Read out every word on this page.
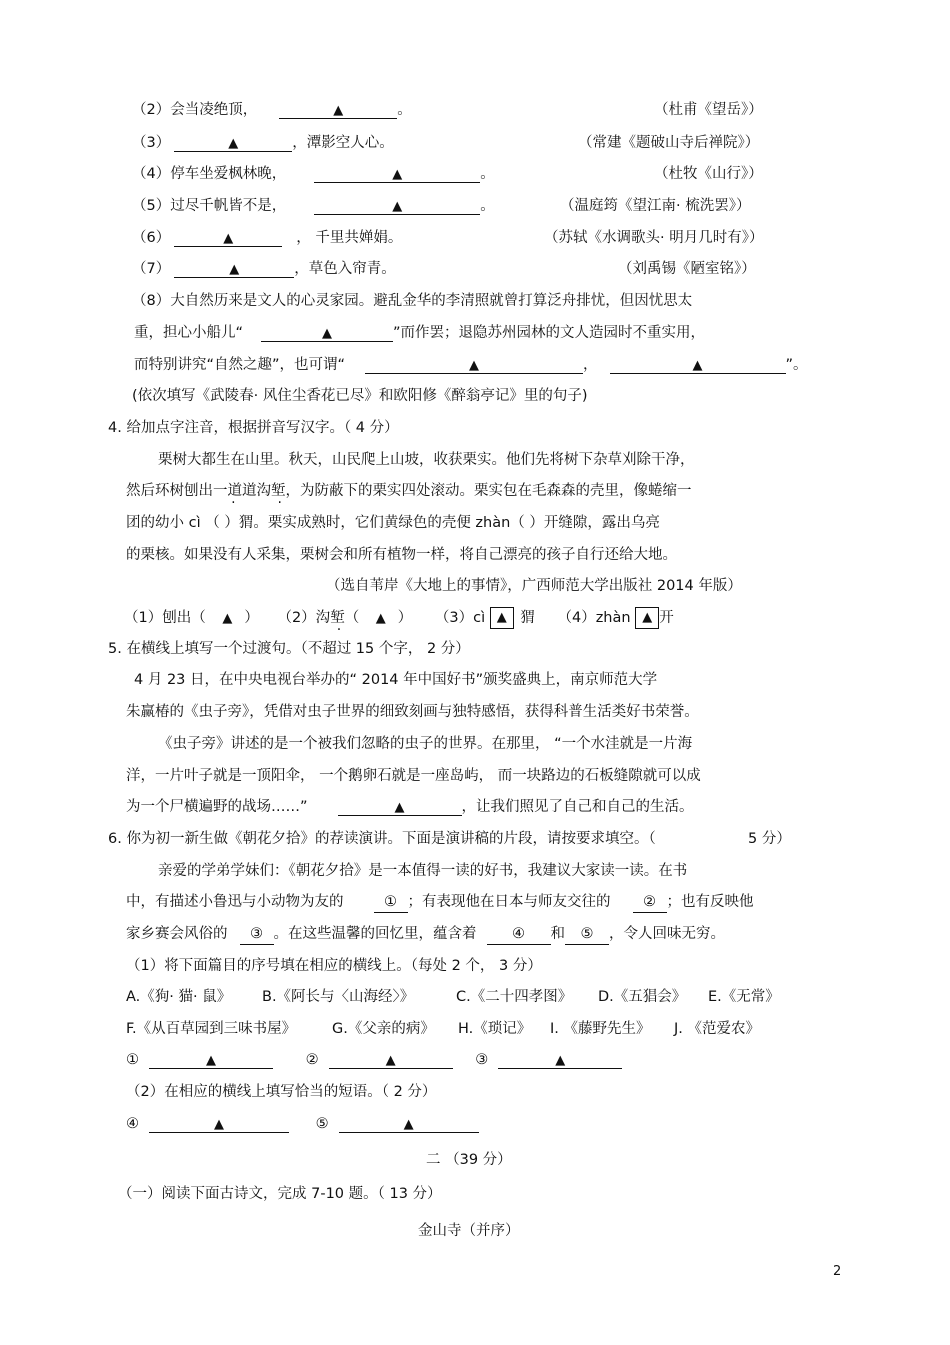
（2）会当凌绝顶，	▲	。	（杜甫《望岳》）
（3）	▲	，潭影空人心。	（常建《题破山寺后禅院》）
（4）停车坐爱枫林晚，	▲	。	（杜牧《山行》）
（5）过尽千帆皆不是，	▲	。	（温庭筠《望江南· 梳洗罢》）
（6）	▲	， 千里共婵娟。	（苏轼《水调歌头· 明月几时有》）
（7）	▲	，草色入帘青。	（刘禹锡《陋室铭》）
（8）大自然历来是文人的心灵家园。避乱金华的李清照就曾打算泛舟排忧，但因忧思太
重，担心小船儿“	▲	”而作罢；退隐苏州园林的文人造园时不重实用，
而特别讲究“自然之趣”，也可谓“	▲	，	▲	”。
(依次填写《武陵春· 风住尘香花已尽》和欧阳修《醉翁亭记》里的句子)
4. 给加点字注音，根据拼音写汉字。（ 4 分）
栗树大都生在山里。秋天，山民爬上山坡，收获栗实。他们先将树下杂草刈除干净，
然后环树刨出一道道沟 ·堑，为防蔽下的栗实四处滚动。栗实包在毛森森的壳里，像蜷缩一
团的幼小 cì （ ）猬。栗实成熟时，它们黄绿色的壳便 zhàn（ ）开缝隙，露出乌亮
的栗核。如果没有人采集，栗树会和所有植物一样，将自己漂亮的孩子自行还给大地。
（选自苇岸《大地上的事情》，广西师范大学出版社 2014 年版）
（1）刨出（ ▲ ） （2）沟堑（ ▲ ） （3）cì ▲ 猬 （4）zhàn ▲ 开
5. 在横线上填写一个过渡句。（不超过 15 个字， 2 分）
4 月 23 日，在中央电视台举办的“ 2014 年中国好书”颁奖盛典上，南京师范大学
朱赢椿的《虫子旁》，凭借对虫子世界的细致刻画与独特感悟，获得科普生活类好书荣誉。
《虫子旁》讲述的是一个被我们忽略的虫子的世界。在那里， “一个水洼就是一片海
洋，一片叶子就是一顶阳伞， 一个鹅卵石就是一座岛屿， 而一块路边的石板缝隙就可以成
为一个尸横遍野的战场……”	▲	，让我们照见了自己和自己的生活。
6. 你为初一新生做《朝花夕拾》的荐读演讲。下面是演讲稿的片段，请按要求填空。（	5 分）
亲爱的学弟学妹们：《朝花夕拾》是一本值得一读的好书，我建议大家读一读。在书
中，有描述小鲁迅与小动物为友的	① ；有表现他在日本与师友交往的 ② ；也有反映他
家乡赛会风俗的 ③ 。在这些温馨的回忆里，蕴含着 ④ 和 ⑤ ，令人回味无穷。
（1）将下面篇目的序号填在相应的横线上。（每处 2 个， 3 分）
A.《狗· 猫· 鼠》 B.《阿长与〈山海经〉》	C.《二十四孝图》 D.《五猖会》 E.《无常》
F.《从百草园到三味书屋》 G.《父亲的病》 H.《琐记》 I. 《藤野先生》 J. 《范爱农》
①	▲	②	▲	③	▲
（2）在相应的横线上填写恰当的短语。（ 2 分）
④	▲	⑤	▲
二 （39 分）
（一）阅读下面古诗文，完成 7-10 题。（ 13 分）
金山寺（并序）
2
